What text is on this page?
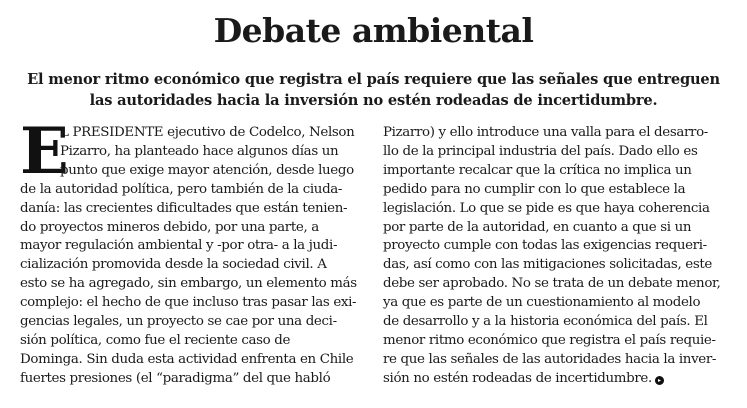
Debate ambiental
El menor ritmo económico que registra el país requiere que las señales que entreguen
las autoridades hacia la inversión no estén rodeadas de incertidumbre.
E
L PRESIDENTE ejecutivo de Codelco, Nelson
Pizarro, ha planteado hace algunos días un
punto que exige mayor atención, desde luego
de la autoridad política, pero también de la ciuda-
danía: las crecientes dificultades que están tenien-
do proyectos mineros debido, por una parte, a
mayor regulación ambiental y -por otra- a la judi-
cialización promovida desde la sociedad civil. A
esto se ha agregado, sin embargo, un elemento más
complejo: el hecho de que incluso tras pasar las exi-
gencias legales, un proyecto se cae por una deci-
sión política, como fue el reciente caso de
Dominga. Sin duda esta actividad enfrenta en Chile
fuertes presiones (el “paradigma” del que habló
Pizarro) y ello introduce una valla para el desarro-
llo de la principal industria del país. Dado ello es
importante recalcar que la crítica no implica un
pedido para no cumplir con lo que establece la
legislación. Lo que se pide es que haya coherencia
por parte de la autoridad, en cuanto a que si un
proyecto cumple con todas las exigencias requeri-
das, así como con las mitigaciones solicitadas, este
debe ser aprobado. No se trata de un debate menor,
ya que es parte de un cuestionamiento al modelo
de desarrollo y a la historia económica del país. El
menor ritmo económico que registra el país requie-
re que las señales de las autoridades hacia la inver-
sión no estén rodeadas de incertidumbre. ▸
